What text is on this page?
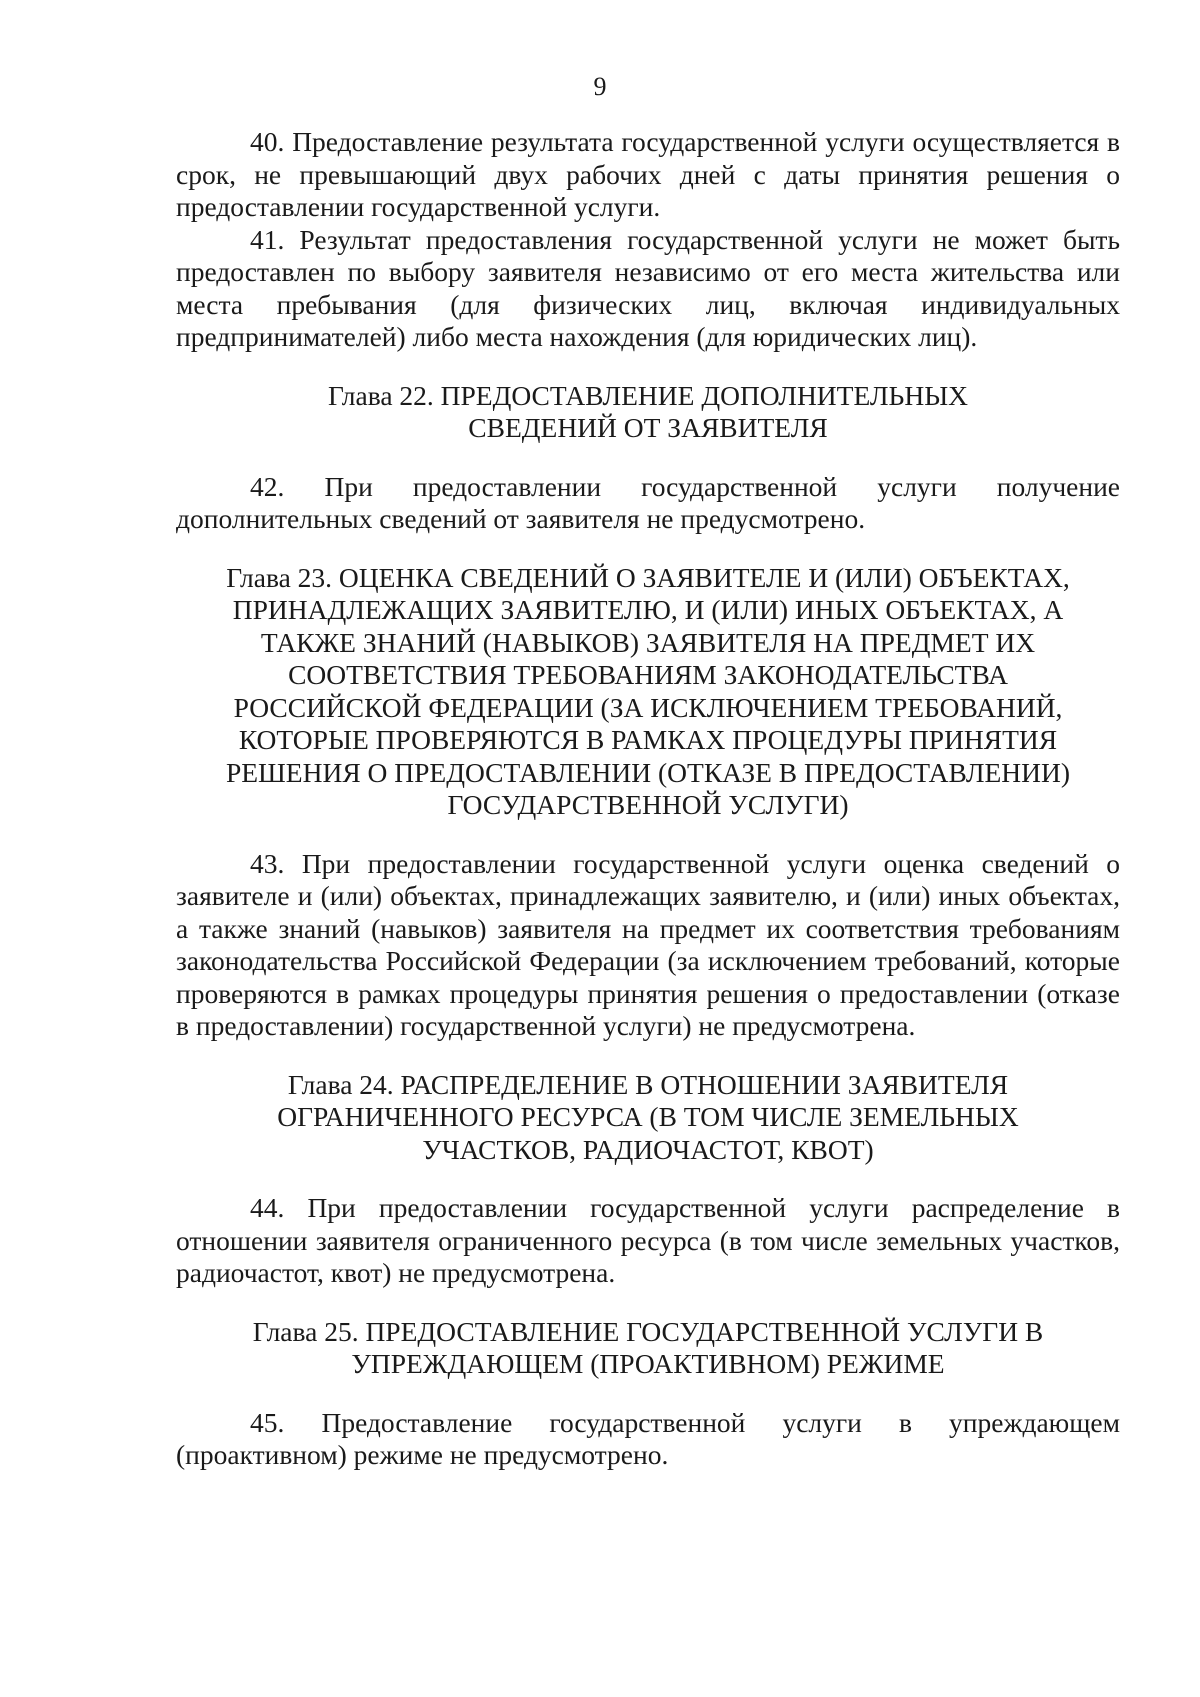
9

40. Предоставление результата государственной услуги осуществляется в срок, не превышающий двух рабочих дней с даты принятия решения о предоставлении государственной услуги.

41. Результат предоставления государственной услуги не может быть предоставлен по выбору заявителя независимо от его места жительства или места пребывания (для физических лиц, включая индивидуальных предпринимателей) либо места нахождения (для юридических лиц).

Глава 22. ПРЕДОСТАВЛЕНИЕ ДОПОЛНИТЕЛЬНЫХ
СВЕДЕНИЙ ОТ ЗАЯВИТЕЛЯ

42. При предоставлении государственной услуги получение дополнительных сведений от заявителя не предусмотрено.

Глава 23. ОЦЕНКА СВЕДЕНИЙ О ЗАЯВИТЕЛЕ И (ИЛИ) ОБЪЕКТАХ,
ПРИНАДЛЕЖАЩИХ ЗАЯВИТЕЛЮ, И (ИЛИ) ИНЫХ ОБЪЕКТАХ, А
ТАКЖЕ ЗНАНИЙ (НАВЫКОВ) ЗАЯВИТЕЛЯ НА ПРЕДМЕТ ИХ
СООТВЕТСТВИЯ ТРЕБОВАНИЯМ ЗАКОНОДАТЕЛЬСТВА
РОССИЙСКОЙ ФЕДЕРАЦИИ (ЗА ИСКЛЮЧЕНИЕМ ТРЕБОВАНИЙ,
КОТОРЫЕ ПРОВЕРЯЮТСЯ В РАМКАХ ПРОЦЕДУРЫ ПРИНЯТИЯ
РЕШЕНИЯ О ПРЕДОСТАВЛЕНИИ (ОТКАЗЕ В ПРЕДОСТАВЛЕНИИ)
ГОСУДАРСТВЕННОЙ УСЛУГИ)

43. При предоставлении государственной услуги оценка сведений о заявителе и (или) объектах, принадлежащих заявителю, и (или) иных объектах, а также знаний (навыков) заявителя на предмет их соответствия требованиям законодательства Российской Федерации (за исключением требований, которые проверяются в рамках процедуры принятия решения о предоставлении (отказе в предоставлении) государственной услуги) не предусмотрена.

Глава 24. РАСПРЕДЕЛЕНИЕ В ОТНОШЕНИИ ЗАЯВИТЕЛЯ
ОГРАНИЧЕННОГО РЕСУРСА (В ТОМ ЧИСЛЕ ЗЕМЕЛЬНЫХ
УЧАСТКОВ, РАДИОЧАСТОТ, КВОТ)

44. При предоставлении государственной услуги распределение в отношении заявителя ограниченного ресурса (в том числе земельных участков, радиочастот, квот) не предусмотрена.

Глава 25. ПРЕДОСТАВЛЕНИЕ ГОСУДАРСТВЕННОЙ УСЛУГИ В
УПРЕЖДАЮЩЕМ (ПРОАКТИВНОМ) РЕЖИМЕ

45. Предоставление государственной услуги в упреждающем (проактивном) режиме не предусмотрено.
